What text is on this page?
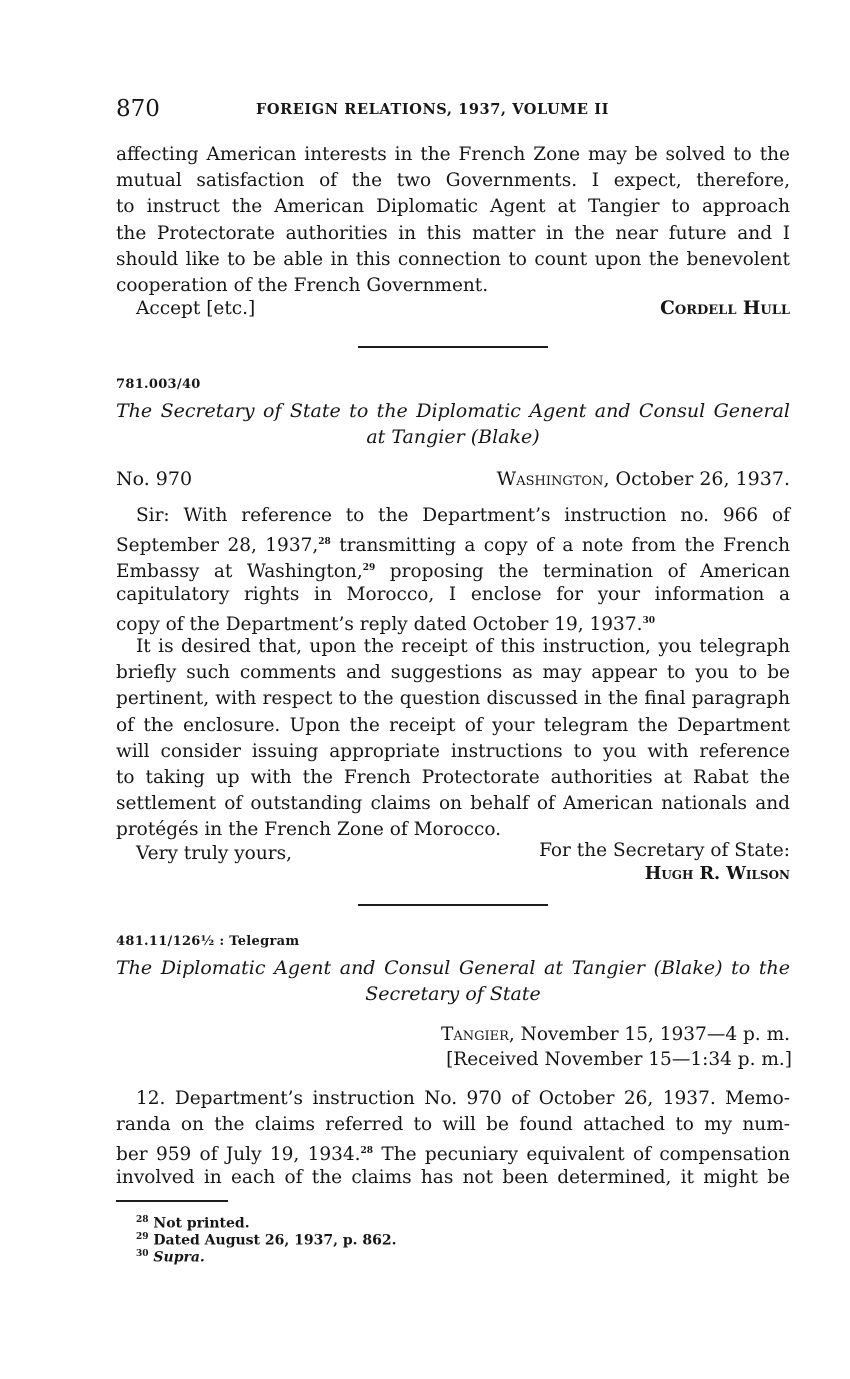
870	FOREIGN RELATIONS, 1937, VOLUME II
affecting American interests in the French Zone may be solved to the
mutual satisfaction of the two Governments. I expect, therefore,
to instruct the American Diplomatic Agent at Tangier to approach
the Protectorate authorities in this matter in the near future and I
should like to be able in this connection to count upon the benevolent
cooperation of the French Government.
Accept [etc.]	Cordell Hull
781.003/40
The Secretary of State to the Diplomatic Agent and Consul General
at Tangier (Blake)
No. 970	Washington, October 26, 1937.
Sir: With reference to the Department’s instruction no. 966 of
September 28, 1937,28 transmitting a copy of a note from the French
Embassy at Washington,$^{29}$ proposing the termination of American
capitulatory rights in Morocco, I enclose for your information a
copy of the Department’s reply dated October 19, 1937.30
It is desired that, upon the receipt of this instruction, you telegraph
briefly such comments and suggestions as may appear to you to be
pertinent, with respect to the question discussed in the final paragraph
of the enclosure. Upon the receipt of your telegram the Department
will consider issuing appropriate instructions to you with reference
to taking up with the French Protectorate authorities at Rabat the
settlement of outstanding claims on behalf of American nationals and
protégés in the French Zone of Morocco.
Very truly yours,	For the Secretary of State:
Hugh R. Wilson
481.11/126½ : Telegram
The Diplomatic Agent and Consul General at Tangier (Blake) to the
Secretary of State
Tangier, November 15, 1937—4 p. m.
[Received November 15—1:34 p. m.]
12. Department’s instruction No. 970 of October 26, 1937. Memo-
randa on the claims referred to will be found attached to my num-
ber 959 of July 19, 1934.28 The pecuniary equivalent of compensation
involved in each of the claims has not been determined, it might be
$^{28}$ Not printed.
$^{29}$ Dated August 26, 1937, p. 862.
$^{30}$ Supra.
